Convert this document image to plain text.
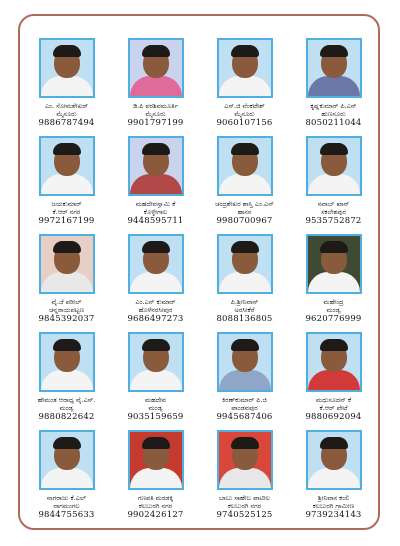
ಎಂ. ಸೋಮಶೇಖರ್
ಮೈಸೂರು
9886787494
ಡಿ.ಪಿ ಪರಶಿವಮೂರ್ತಿ
ಮೈಸೂರು
9901797199
ಎಸ್.ಜಿ ವೆಂಕಟೇಶ್
ಮೈಸೂರು
9060107156
ಕೃಷ್ಣಕುಮಾರ್ ಪಿ.ಎನ್
ಹುಣಸೂರು
8050211044
ಜಯಕುಮಾರ್
ಕೆ.ಆರ್ ನಗರ
9972167199
ಮಹದೇವಸ್ವಾಮಿ ಕೆ
ಕೊಳ್ಳೇಗಾಲ
9448595711
ಚಂದ್ರಶೇಖರ ಶಾಸ್ತ್ರಿ ಎಂ.ಎನ್
ಹಾಸನ
9980700967
ನವಾಬ್ ಖಾನ್
ಸಕಲೇಶಪುರ
9535752872
ವೈ.ಜೆ ಪರೀಲ್
ಚನ್ನರಾಯಪಟ್ಟಣ
9845392037
ಎಂ.ಎನ್ ಕುಮಾರ್
ಹೊಳೆನರಸೀಪುರ
9686497273
ಪಿ.ಶ್ರೀನಿವಾಸ್
ಅರಸೀಕೆರೆ
8088136805
ಮಹೇಂದ್ರ
ಮಂಡ್ಯ
9620776999
ಹೇಮಂತ ಆರಾಧ್ಯ ವೈ.ಎಸ್.
ಮಂಡ್ಯ
9880822642
ಮಹದೇವ
ಮಂಡ್ಯ
9035159659
ಕಿರಣ್‌ಕುಮಾರ್ ಪಿ.ಜಿ
ಪಾಂಡವಪುರ
9945687406
ಮಧುಸೂದನ್ ಕೆ
ಕೆ.ಆರ್ ಪೇಟೆ
9880692094
ನಾಗರಾಜು ಕೆ.ಎಲ್
ನಾಗಮಂಗಲ
9844755633
ಗಣಪತಿ ಮರಡಕ್ಕಿ
ಕಲಬುರಗಿ ನಗರ
9902426127
ಬಾಬು ಸಾಹೇಬ ಪಾಟೀಲ
ಕಲಬುರಗಿ ನಗರ
9740525125
ಶ್ರೀನಿವಾಸ ಕಂಲಿ
ಕಲಬುರಗಿ ಗ್ರಾಮೀಣ
9739234143
